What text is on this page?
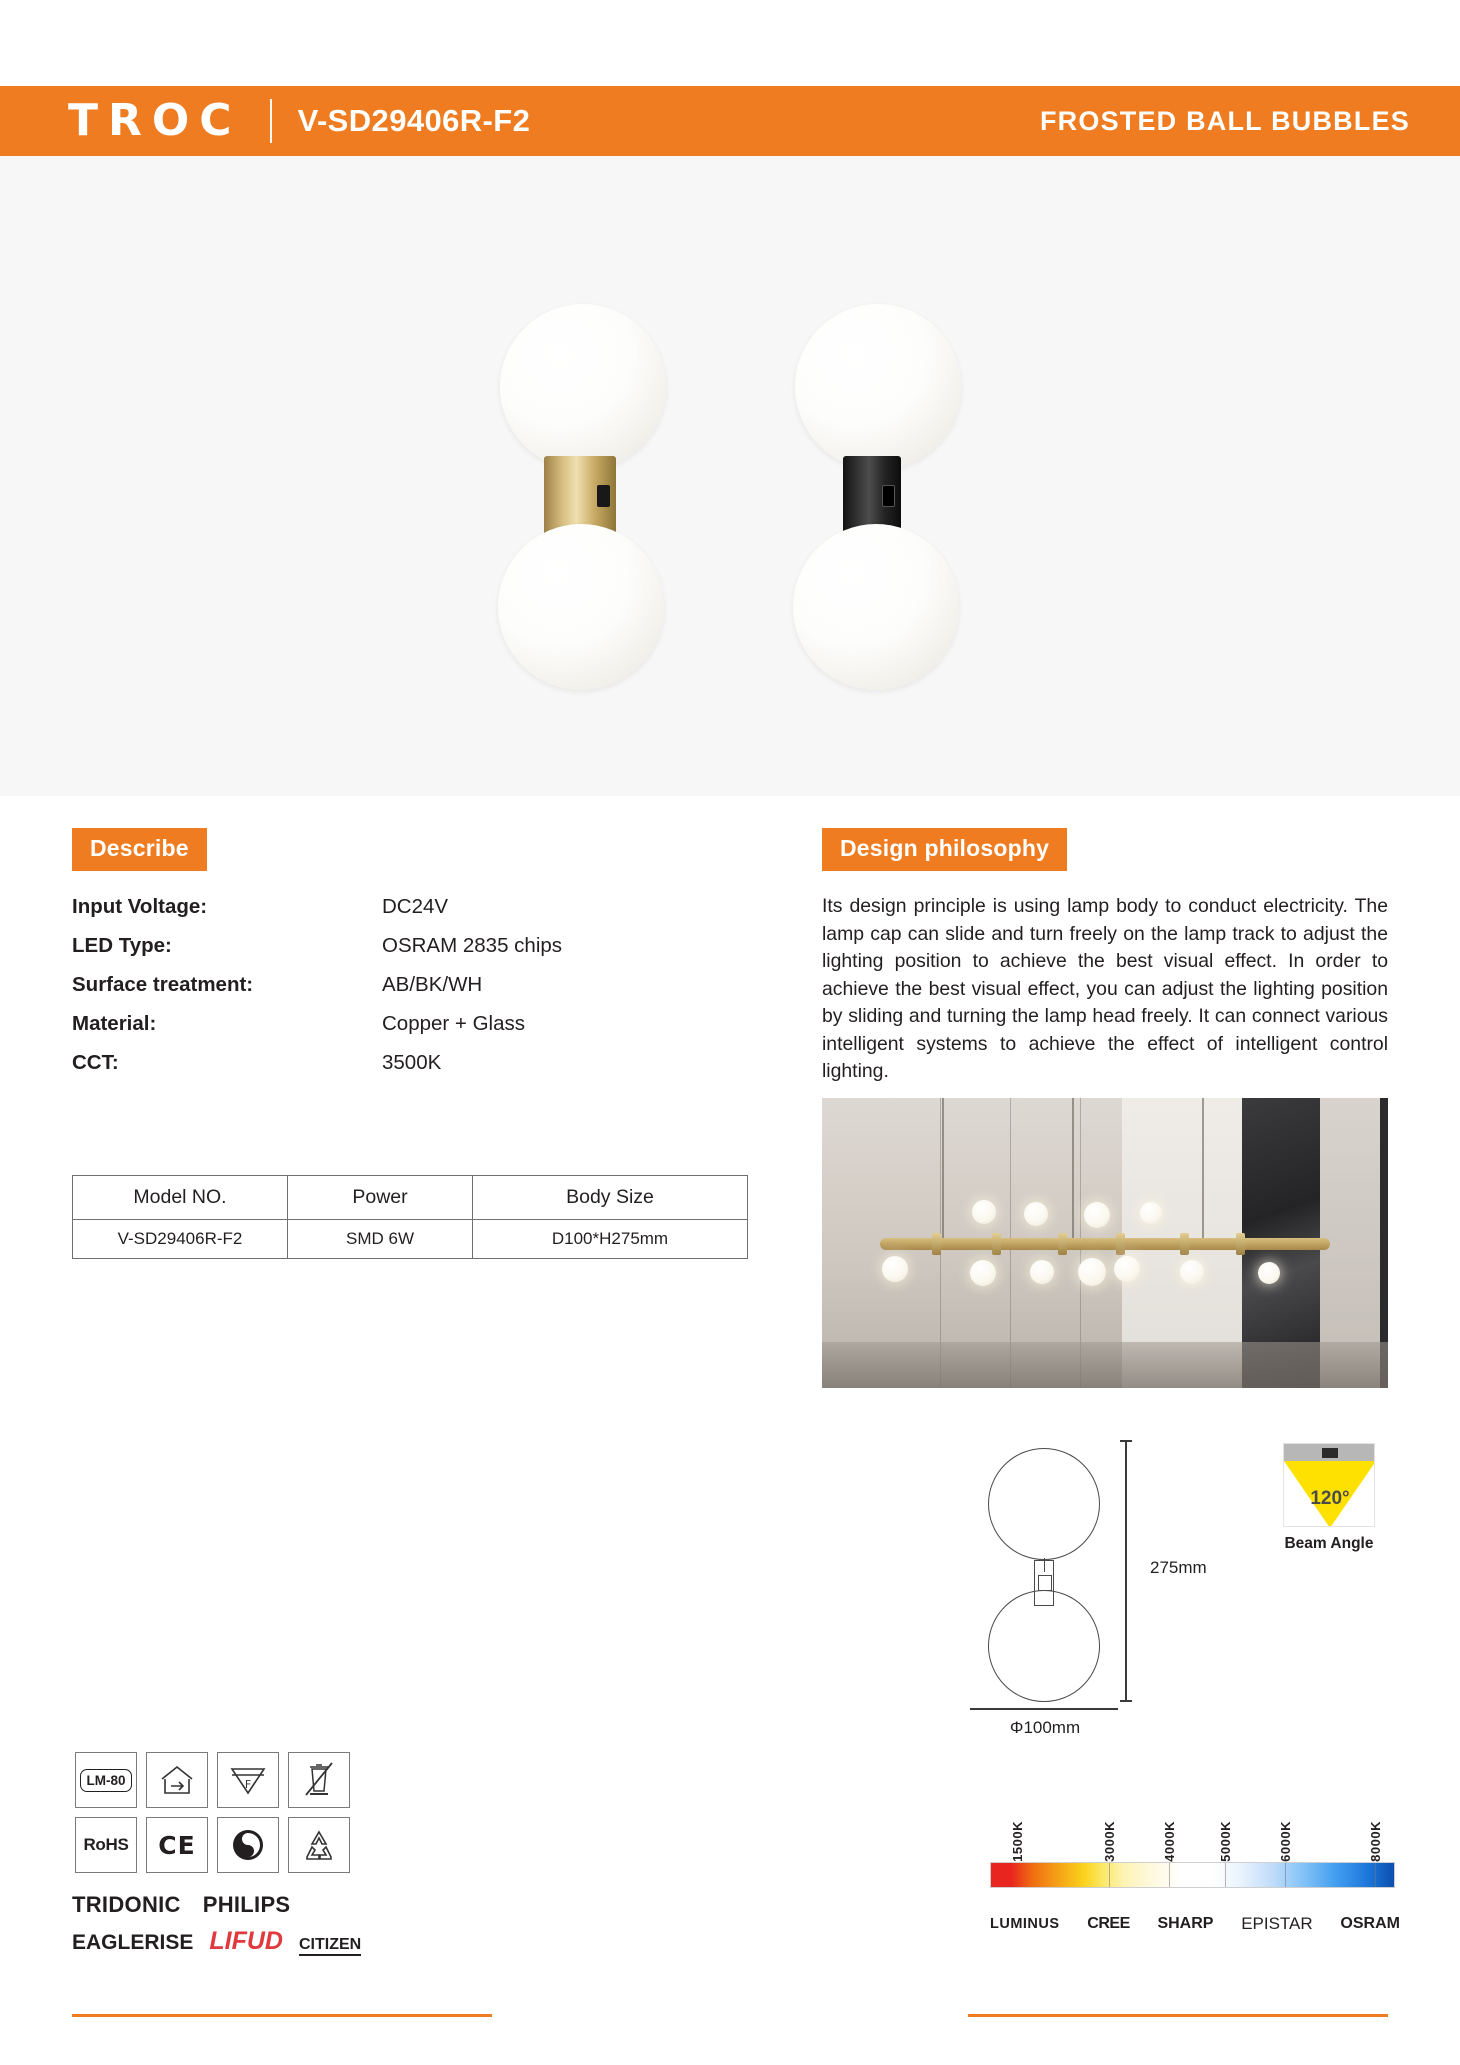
TROC V-SD29406R-F2	FROSTED BALL BUBBLES
Describe
Input Voltage:	DC24V
LED Type:	OSRAM 2835 chips
Surface treatment:	AB/BK/WH
Material:	Copper + Glass
CCT:	3500K
Model NO.	Power	Body Size
V-SD29406R-F2	SMD 6W	D100*H275mm
Design philosophy

Its design principle is using lamp body to conduct electricity. The lamp cap can slide and turn freely on the lamp track to adjust the lighting position to achieve the best visual effect. In order to achieve the best visual effect, you can adjust the lighting position by sliding and turning the lamp head freely. It can connect various intelligent systems to achieve the effect of intelligent control lighting.

275mm
Φ100mm
120°
Beam Angle
LM-80	F
RoHS CE
TRIDONIC PHILIPS
EAGLERISE LIFUD CITIZEN
1500K	3000K	4000K	5000K	6000K	8000K
LUMINUS CREE SHARP EPISTAR OSRAM
